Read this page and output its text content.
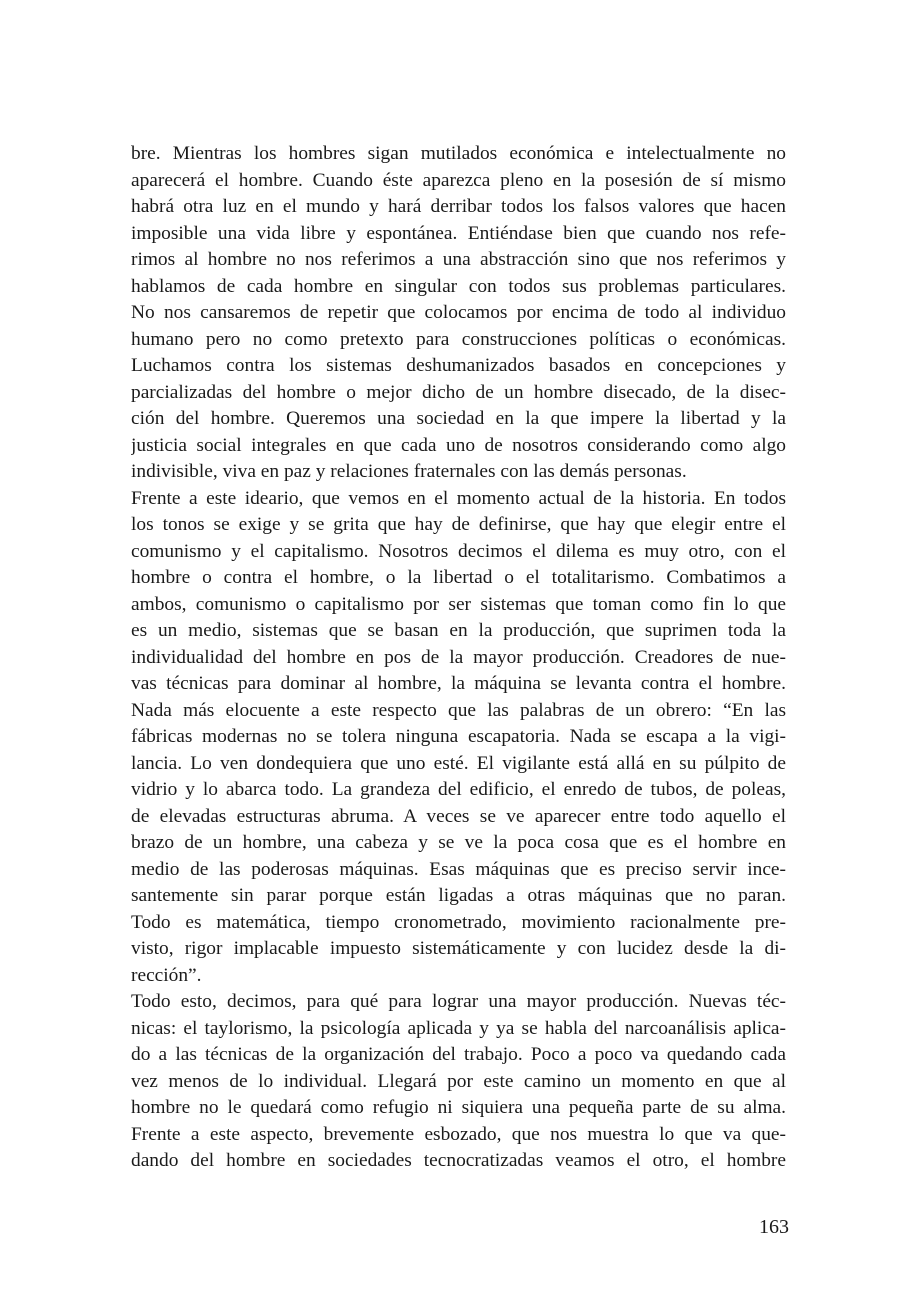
bre. Mientras los hombres sigan mutilados económica e intelectualmente no
aparecerá el hombre. Cuando éste aparezca pleno en la posesión de sí mismo
habrá otra luz en el mundo y hará derribar todos los falsos valores que hacen
imposible una vida libre y espontánea. Entiéndase bien que cuando nos refe-
rimos al hombre no nos referimos a una abstracción sino que nos referimos y
hablamos de cada hombre en singular con todos sus problemas particulares.
No nos cansaremos de repetir que colocamos por encima de todo al individuo
humano pero no como pretexto para construcciones políticas o económicas.
Luchamos contra los sistemas deshumanizados basados en concepciones y
parcializadas del hombre o mejor dicho de un hombre disecado, de la disec-
ción del hombre. Queremos una sociedad en la que impere la libertad y la
justicia social integrales en que cada uno de nosotros considerando como algo
indivisible, viva en paz y relaciones fraternales con las demás personas.
Frente a este ideario, que vemos en el momento actual de la historia. En todos
los tonos se exige y se grita que hay de definirse, que hay que elegir entre el
comunismo y el capitalismo. Nosotros decimos el dilema es muy otro, con el
hombre o contra el hombre, o la libertad o el totalitarismo. Combatimos a
ambos, comunismo o capitalismo por ser sistemas que toman como fin lo que
es un medio, sistemas que se basan en la producción, que suprimen toda la
individualidad del hombre en pos de la mayor producción. Creadores de nue-
vas técnicas para dominar al hombre, la máquina se levanta contra el hombre.
Nada más elocuente a este respecto que las palabras de un obrero: “En las
fábricas modernas no se tolera ninguna escapatoria. Nada se escapa a la vigi-
lancia. Lo ven dondequiera que uno esté. El vigilante está allá en su púlpito de
vidrio y lo abarca todo. La grandeza del edificio, el enredo de tubos, de poleas,
de elevadas estructuras abruma. A veces se ve aparecer entre todo aquello el
brazo de un hombre, una cabeza y se ve la poca cosa que es el hombre en
medio de las poderosas máquinas. Esas máquinas que es preciso servir ince-
santemente sin parar porque están ligadas a otras máquinas que no paran.
Todo es matemática, tiempo cronometrado, movimiento racionalmente pre-
visto, rigor implacable impuesto sistemáticamente y con lucidez desde la di-
rección”.
Todo esto, decimos, para qué para lograr una mayor producción. Nuevas téc-
nicas: el taylorismo, la psicología aplicada y ya se habla del narcoanálisis aplica-
do a las técnicas de la organización del trabajo. Poco a poco va quedando cada
vez menos de lo individual. Llegará por este camino un momento en que al
hombre no le quedará como refugio ni siquiera una pequeña parte de su alma.
Frente a este aspecto, brevemente esbozado, que nos muestra lo que va que-
dando del hombre en sociedades tecnocratizadas veamos el otro, el hombre
163
